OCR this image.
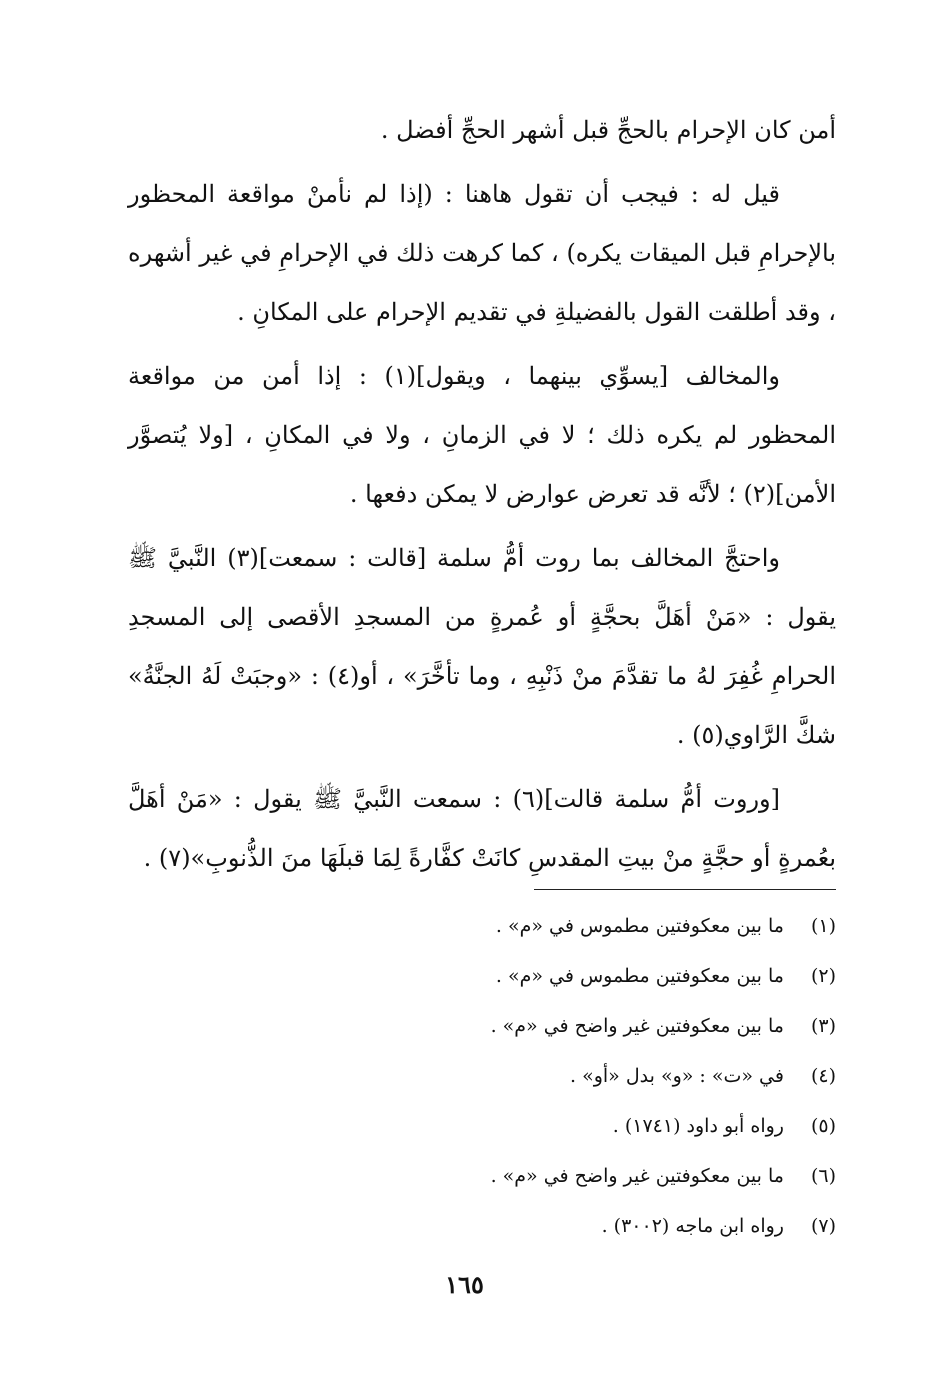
أمن كان الإحرام بالحجِّ قبل أشهر الحجِّ أفضل .

قيل له : فيجب أن تقول هاهنا : (إذا لم نأمنْ مواقعة المحظور بالإحرامِ قبل الميقات يكره) ، كما كرهت ذلك في الإحرامِ في غير أشهره ، وقد أطلقت القول بالفضيلةِ في تقديم الإحرام على المكانِ .

والمخالف [يسوِّي بينهما ، ويقول](١) : إذا أمن من مواقعة المحظور لم يكره ذلك ؛ لا في الزمانِ ، ولا في المكانِ ، [ولا يُتصوَّر الأمن](٢) ؛ لأنَّه قد تعرض عوارض لا يمكن دفعها .

واحتجَّ المخالف بما روت أمُّ سلمة [قالت : سمعت](٣) النَّبيَّ ﷺ يقول : «مَنْ أهَلَّ بحجَّةٍ أو عُمرةٍ من المسجدِ الأقصى إلى المسجدِ الحرامِ غُفِرَ لهُ ما تقدَّمَ منْ ذَنْبِهِ ، وما تأخَّرَ» ، أو(٤) : «وجبَتْ لَهُ الجنَّةُ» شكَّ الرَّاوي(٥) .

[وروت أمُّ سلمة قالت](٦) : سمعت النَّبيَّ ﷺ يقول : «مَنْ أهَلَّ بعُمرةٍ أو حجَّةٍ منْ بيتِ المقدسِ كانَتْ كفَّارةً لِمَا قبلَهَا منَ الذُّنوبِ»(٧) .

(١) ما بين معكوفتين مطموس في «م» .
(٢) ما بين معكوفتين مطموس في «م» .
(٣) ما بين معكوفتين غير واضح في «م» .
(٤) في «ت» : «و» بدل «أو» .
(٥) رواه أبو داود (١٧٤١) .
(٦) ما بين معكوفتين غير واضح في «م» .
(٧) رواه ابن ماجه (٣٠٠٢) .
١٦٥
